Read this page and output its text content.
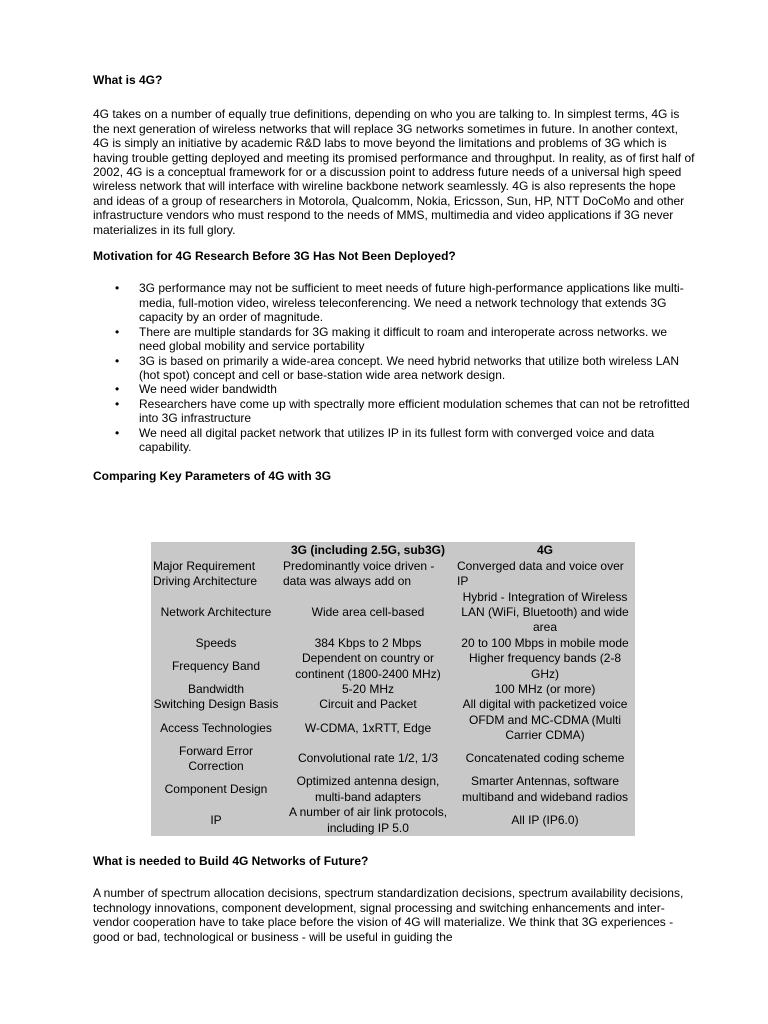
What is 4G?

4G takes on a number of equally true definitions, depending on who you are talking to. In simplest terms, 4G is the next generation of wireless networks that will replace 3G networks sometimes in future. In another context, 4G is simply an initiative by academic R&D labs to move beyond the limitations and problems of 3G which is having trouble getting deployed and meeting its promised performance and throughput. In reality, as of first half of 2002, 4G is a conceptual framework for or a discussion point to address future needs of a universal high speed wireless network that will interface with wireline backbone network seamlessly. 4G is also represents the hope and ideas of a group of researchers in Motorola, Qualcomm, Nokia, Ericsson, Sun, HP, NTT DoCoMo and other infrastructure vendors who must respond to the needs of MMS, multimedia and video applications if 3G never materializes in its full glory.

Motivation for 4G Research Before 3G Has Not Been Deployed?
• 3G performance may not be sufficient to meet needs of future high-performance applications like multi-media, full-motion video, wireless teleconferencing. We need a network technology that extends 3G capacity by an order of magnitude.
• There are multiple standards for 3G making it difficult to roam and interoperate across networks. we need global mobility and service portability
• 3G is based on primarily a wide-area concept. We need hybrid networks that utilize both wireless LAN (hot spot) concept and cell or base-station wide area network design.
• We need wider bandwidth
• Researchers have come up with spectrally more efficient modulation schemes that can not be retrofitted into 3G infrastructure
• We need all digital packet network that utilizes IP in its fullest form with converged voice and data capability.
Comparing Key Parameters of 4G with 3G
	3G (including 2.5G, sub3G)	4G
Major Requirement Driving Architecture	Predominantly voice driven - data was always add on	Converged data and voice over IP
Network Architecture	Wide area cell-based	Hybrid - Integration of Wireless LAN (WiFi, Bluetooth) and wide area
Speeds	384 Kbps to 2 Mbps	20 to 100 Mbps in mobile mode
Frequency Band	Dependent on country or continent (1800-2400 MHz)	Higher frequency bands (2-8 GHz)
Bandwidth	5-20 MHz	100 MHz (or more)
Switching Design Basis	Circuit and Packet	All digital with packetized voice
Access Technologies	W-CDMA, 1xRTT, Edge	OFDM and MC-CDMA (Multi Carrier CDMA)
Forward Error Correction	Convolutional rate 1/2, 1/3	Concatenated coding scheme
Component Design	Optimized antenna design, multi-band adapters	Smarter Antennas, software multiband and wideband radios
IP	A number of air link protocols, including IP 5.0	All IP (IP6.0)
What is needed to Build 4G Networks of Future?

A number of spectrum allocation decisions, spectrum standardization decisions, spectrum availability decisions, technology innovations, component development, signal processing and switching enhancements and inter-vendor cooperation have to take place before the vision of 4G will materialize. We think that 3G experiences - good or bad, technological or business - will be useful in guiding the
